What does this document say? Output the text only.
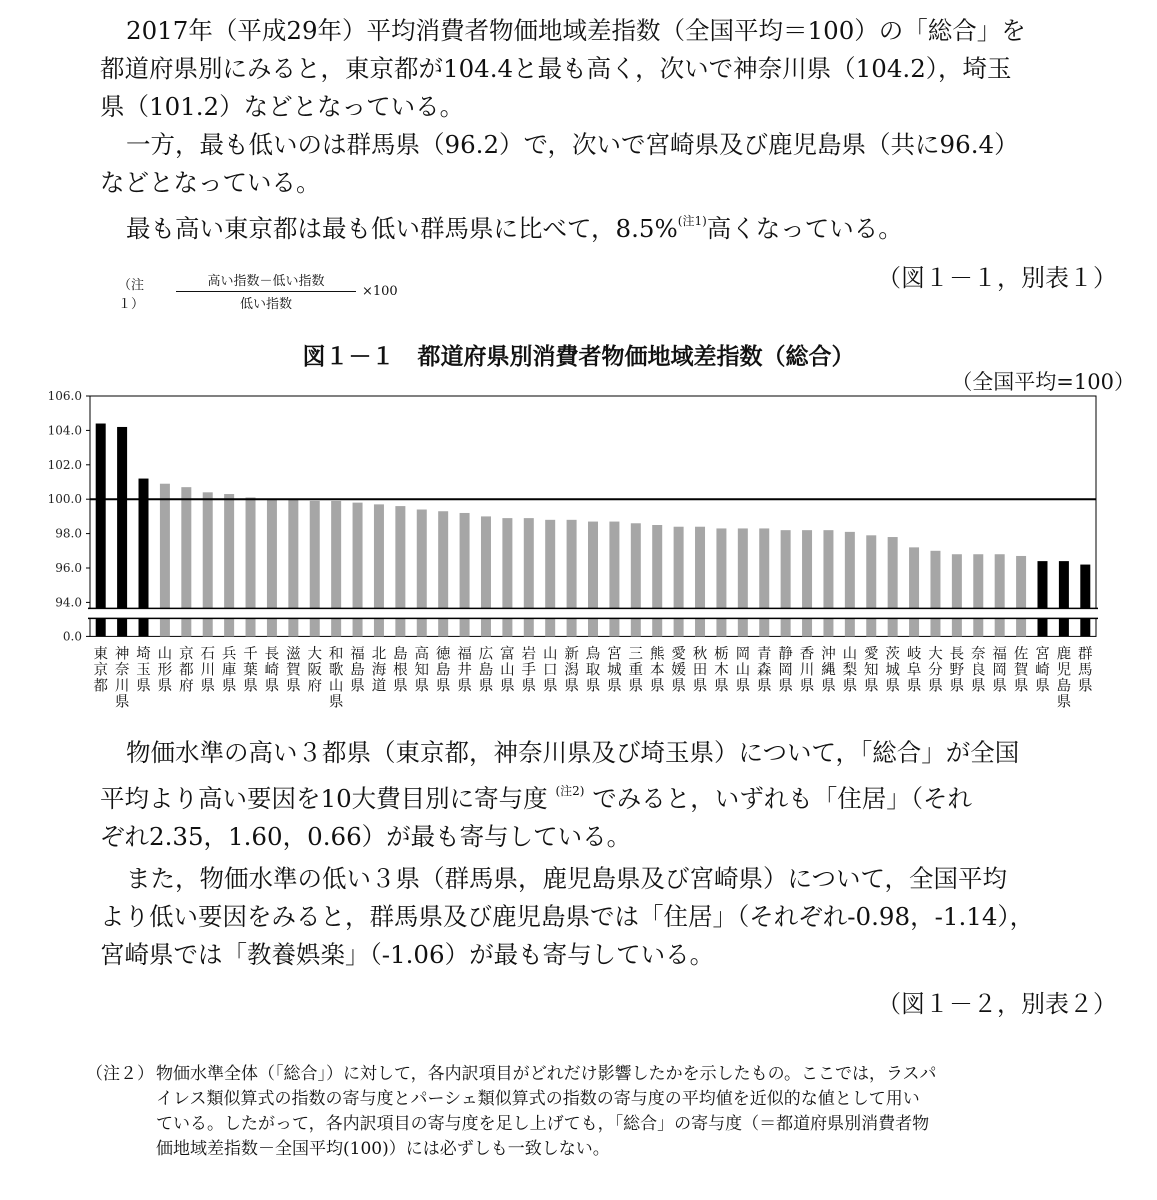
2017年（平成29年）平均消費者物価地域差指数（全国平均＝100）の「総合」を
都道府県別にみると，東京都が104.4と最も高く，次いで神奈川県（104.2），埼玉
県（101.2）などとなっている。
一方，最も低いのは群馬県（96.2）で，次いで宮崎県及び鹿児島県（共に96.4）
などとなっている。
最も高い東京都は最も低い群馬県に比べて，8.5%$^{(注1)}$高くなっている。
（注１）
高い指数－低い指数
低い指数
×100	（図１－１，別表１）
図１－１　都道府県別消費者物価地域差指数（総合）
（全国平均=100）
106.0
104.0
102.0
100.0
98.0
96.0
94.0
0.0
東
京
都
神
奈
川
県
埼
玉
県
山
形
県
京
都
府
石
川
県
兵
庫
県
千
葉
県
長
崎
県
滋
賀
県
大
阪
府
和
歌
山
県
福
島
県
北
海
道
島
根
県
高
知
県
徳
島
県
福
井
県
広
島
県
富
山
県
岩
手
県
山
口
県
新
潟
県
鳥
取
県
宮
城
県
三
重
県
熊
本
県
愛
媛
県
秋
田
県
栃
木
県
岡
山
県
青
森
県
静
岡
県
香
川
県
沖
縄
県
山
梨
県
愛
知
県
茨
城
県
岐
阜
県
大
分
県
長
野
県
奈
良
県
福
岡
県
佐
賀
県
宮
崎
県
鹿
児
島
県
群
馬
県
物価水準の高い３都県（東京都，神奈川県及び埼玉県）について，「総合」が全国
平均より高い要因を10大費目別に寄与度 $^{(注2)}$ でみると，いずれも「住居」（それ
ぞれ2.35，1.60，0.66）が最も寄与している。
また，物価水準の低い３県（群馬県，鹿児島県及び宮崎県）について，全国平均
より低い要因をみると，群馬県及び鹿児島県では「住居」（それぞれ-0.98，-1.14），
宮崎県では「教養娯楽」（-1.06）が最も寄与している。
（図１－２，別表２）
（注２） 物価水準全体（「総合」）に対して，各内訳項目がどれだけ影響したかを示したもの。ここでは，ラスパ
イレス類似算式の指数の寄与度とパーシェ類似算式の指数の寄与度の平均値を近似的な値として用い
ている。したがって，各内訳項目の寄与度を足し上げても，「総合」の寄与度（＝都道府県別消費者物
価地域差指数－全国平均(100)）には必ずしも一致しない。
